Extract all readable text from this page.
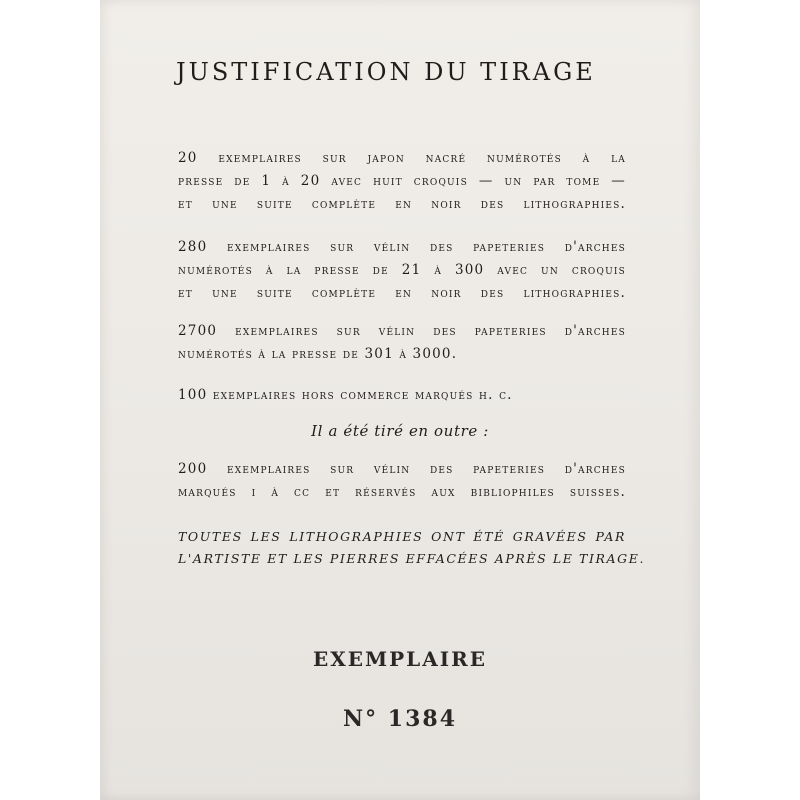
JUSTIFICATION DU TIRAGE
20 exemplaires sur japon nacré numérotés à la
presse de 1 à 20 avec huit croquis — un par tome —
et une suite complète en noir des lithographies.
280 exemplaires sur vélin des papeteries d'arches
numérotés à la presse de 21 à 300 avec un croquis
et une suite complète en noir des lithographies.
2700 exemplaires sur vélin des papeteries d'arches
numérotés à la presse de 301 à 3000.
100 exemplaires hors commerce marqués h. c.
Il a été tiré en outre :
200 exemplaires sur vélin des papeteries d'arches
marqués i à cc et réservés aux bibliophiles suisses.
TOUTES LES LITHOGRAPHIES ONT ÉTÉ GRAVÉES PAR
L'ARTISTE ET LES PIERRES EFFACÉES APRÈS LE TIRAGE.
EXEMPLAIRE
N° 1384
